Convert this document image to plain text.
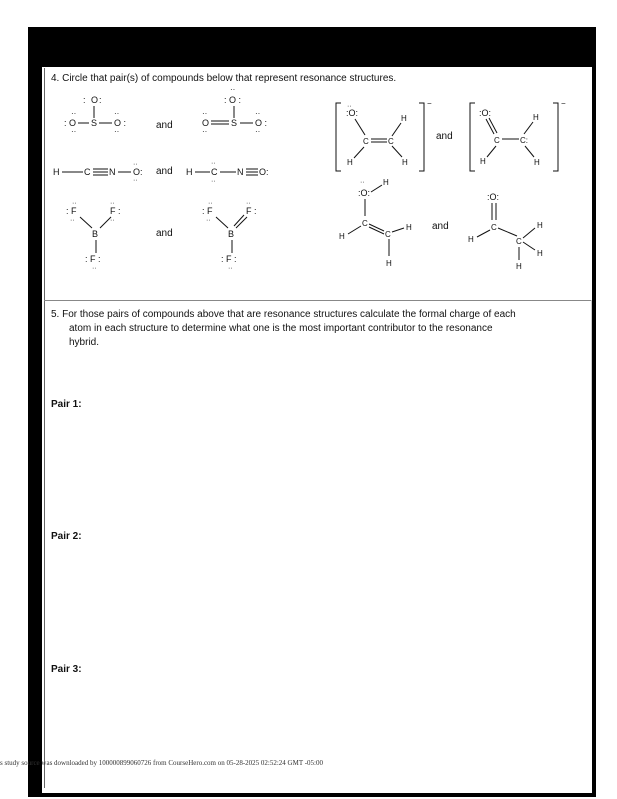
4. Circle that pair(s) of compounds below that represent resonance structures.
O
: :
S
: O	O :
··
··
··
··
and
··
: O :
S
O	O :
··
··
··
··
−
:O:
··
C C
H
H
H
and
−
:O:
C	C:
H
H
H
H	C N O:
··
··
and H C
··
··
N O:
: F
··
F :
··
B
: F :
··
··	··
and
: F
··
F :
··
B
: F :
··
··
··
:O:
H
C
H	C
H
H
and
:O:
C
H	C
H
H
H
5. For those pairs of compounds above that are resonance structures calculate the formal charge of each
atom in each structure to determine what one is the most important contributor to the resonance
hybrid.
Pair 1:
Pair 2:
Pair 3:
s study source was downloaded by 100000899060726 from CourseHero.com on 05-28-2025 02:52:24 GMT -05:00
